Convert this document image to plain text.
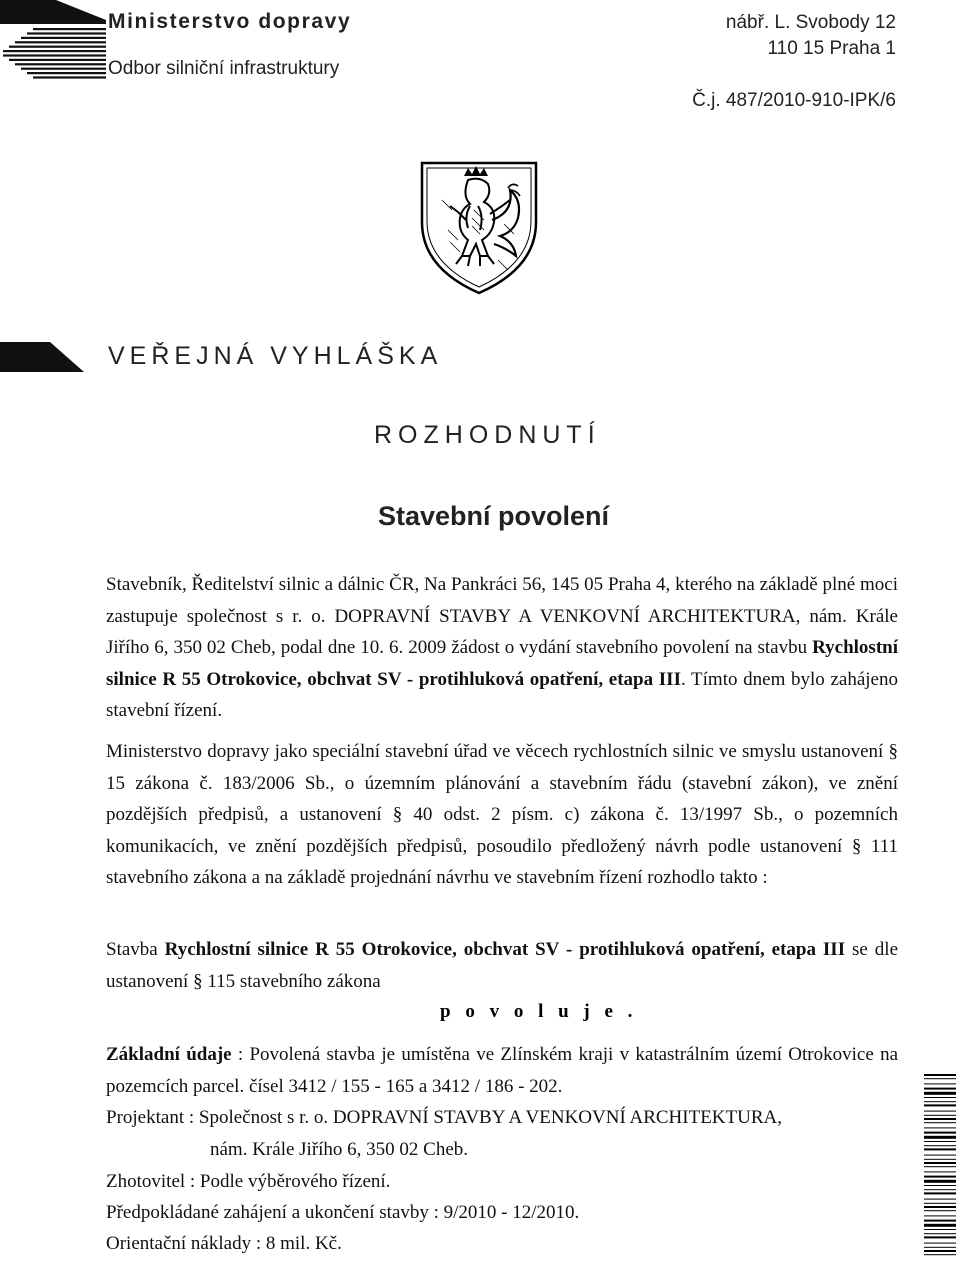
Ministerstvo dopravy
Odbor silniční infrastruktury
nábř. L. Svobody 12
110 15 Praha 1
Č.j. 487/2010-910-IPK/6
VEŘEJNÁ VYHLÁŠKA
ROZHODNUTÍ
Stavební povolení
Stavebník, Ředitelství silnic a dálnic ČR, Na Pankráci 56, 145 05 Praha 4, kterého na základě plné moci zastupuje společnost s r. o. DOPRAVNÍ STAVBY A VENKOVNÍ ARCHITEKTURA, nám. Krále Jiřího 6, 350 02 Cheb, podal dne 10. 6. 2009 žádost o vydání stavebního povolení na stavbu Rychlostní silnice R 55 Otrokovice, obchvat SV - protihluková opatření, etapa III. Tímto dnem bylo zahájeno stavební řízení.
Ministerstvo dopravy jako speciální stavební úřad ve věcech rychlostních silnic ve smyslu ustanovení § 15 zákona č. 183/2006 Sb., o územním plánování a stavebním řádu (stavební zákon), ve znění pozdějších předpisů, a ustanovení § 40 odst. 2 písm. c) zákona č. 13/1997 Sb., o pozemních komunikacích, ve znění pozdějších předpisů, posoudilo předložený návrh podle ustanovení § 111 stavebního zákona a na základě projednání návrhu ve stavebním řízení rozhodlo takto :
Stavba Rychlostní silnice R 55 Otrokovice, obchvat SV - protihluková opatření, etapa III se dle ustanovení § 115 stavebního zákona
p o v o l u j e .
Základní údaje : Povolená stavba je umístěna ve Zlínském kraji v katastrálním území Otrokovice na pozemcích parcel. čísel 3412 / 155 - 165 a 3412 / 186 - 202.
Projektant : Společnost s r. o. DOPRAVNÍ STAVBY A VENKOVNÍ ARCHITEKTURA,
nám. Krále Jiřího 6, 350 02 Cheb.
Zhotovitel : Podle výběrového řízení.
Předpokládané zahájení a ukončení stavby : 9/2010 - 12/2010.
Orientační náklady : 8 mil. Kč.
